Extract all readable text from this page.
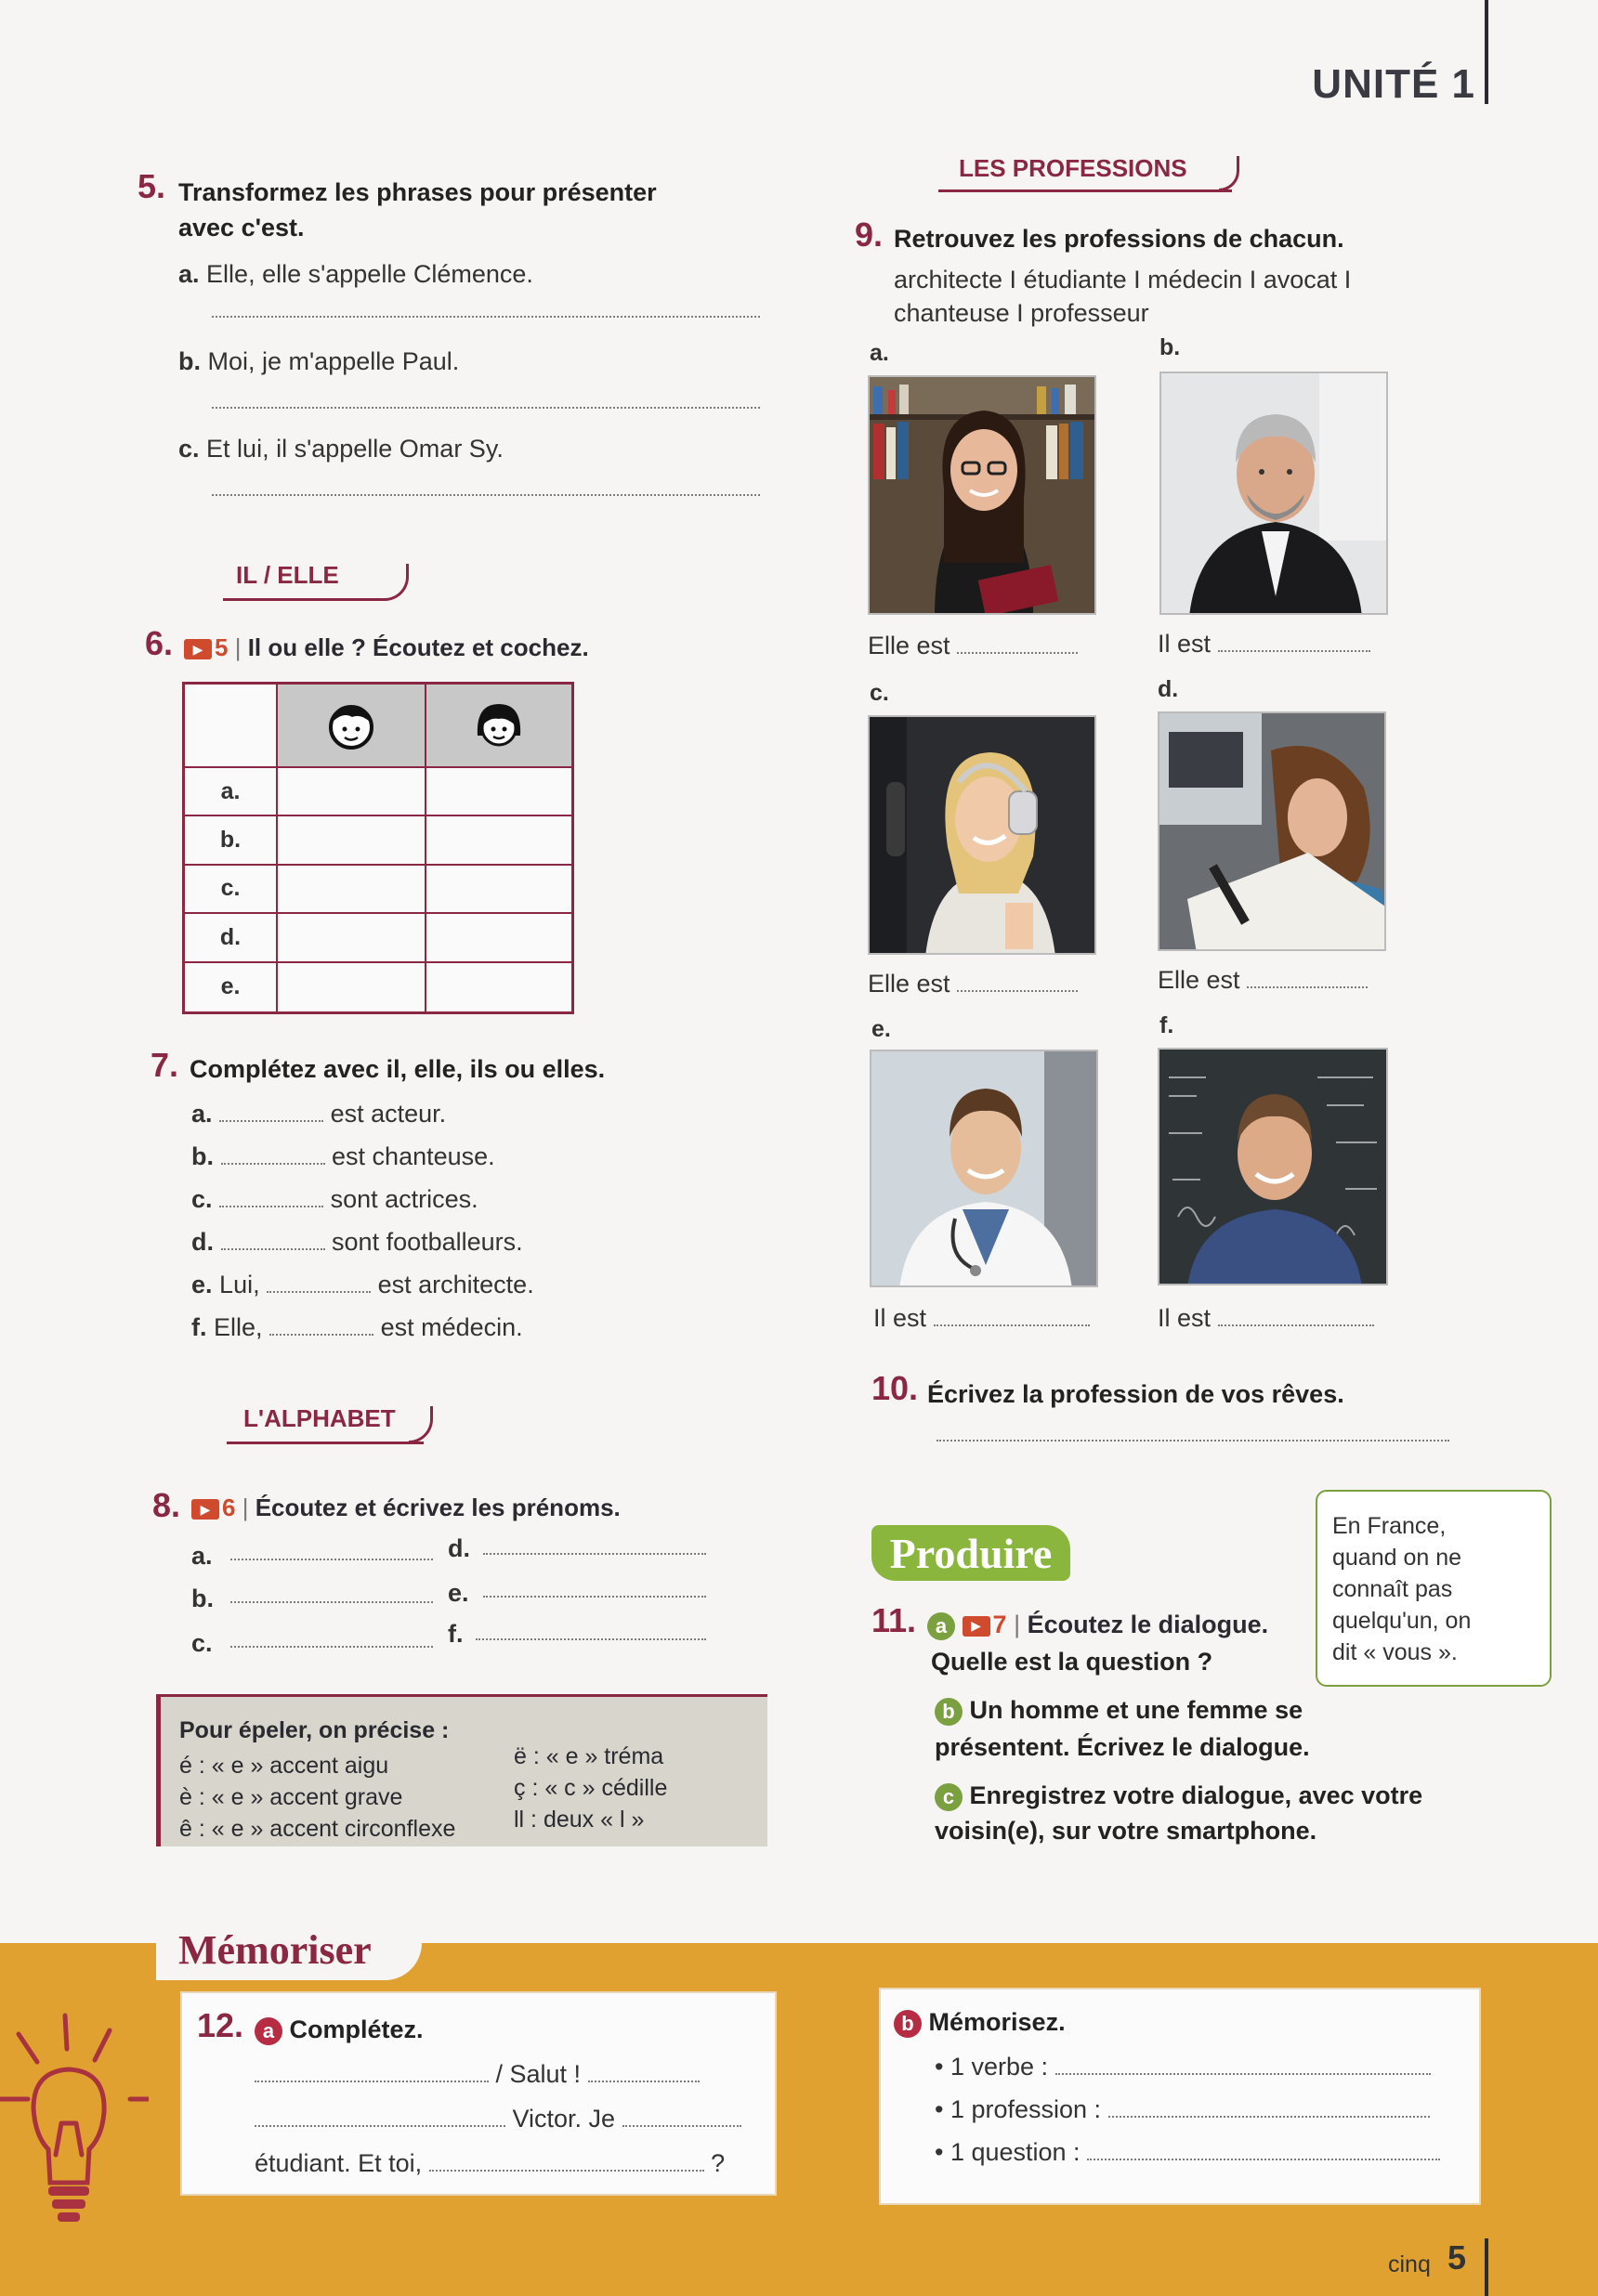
UNITÉ 1
5. Transformez les phrases pour présenter
avec c'est.
a. Elle, elle s'appelle Clémence.
b. Moi, je m'appelle Paul.
c. Et lui, il s'appelle Omar Sy.
IL / ELLE
6.	▶ 5 | Il ou elle ? Écoutez et cochez.
a.
b.
c.
d.
e.
7. Complétez avec il, elle, ils ou elles.
a.	est acteur.
b.	est chanteuse.
c.	sont actrices.
d.	sont footballeurs.
e. Lui,	est architecte.
f. Elle,	est médecin.
L'ALPHABET
8.	▶ 6 | Écoutez et écrivez les prénoms.
a.
b.
c.
d.
e.
f.
Pour épeler, on précise :
é : « e » accent aigu
è : « e » accent grave
ê : « e » accent circonflexe
ë : « e » tréma
ç : « c » cédille
ll : deux « l »
LES PROFESSIONS
9. Retrouvez les professions de chacun.
architecte I étudiante I médecin I avocat I
chanteuse I professeur
a.
Elle est
b.
Il est
c.
Elle est
d.
Elle est
e.
Il est
f.
Il est
10. Écrivez la profession de vos rêves.
Produire
En France,
quand on ne
connaît pas
quelqu'un, on
dit « vous ».
11. a ▶ 7 | Écoutez le dialogue.
Quelle est la question ?
b Un homme et une femme se
présentent. Écrivez le dialogue.
c Enregistrez votre dialogue, avec votre
voisin(e), sur votre smartphone.
Mémoriser
12. a Complétez.
/ Salut !
Victor. Je
étudiant. Et toi,	?
b Mémorisez.
• 1 verbe :
• 1 profession :
• 1 question :
cinq 5
